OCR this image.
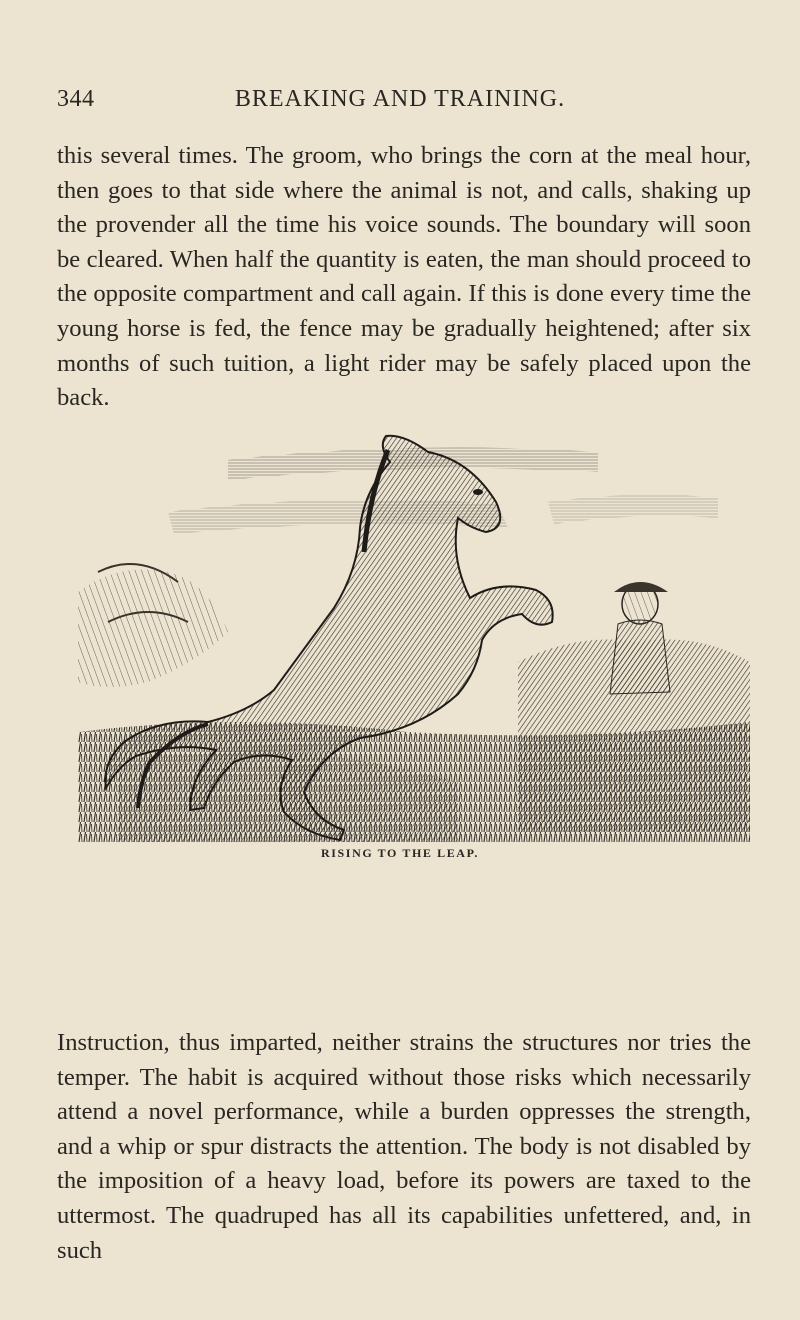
344	BREAKING AND TRAINING.

this several times. The groom, who brings the corn at the meal hour, then goes to that side where the animal is not, and calls, shaking up the provender all the time his voice sounds. The boundary will soon be cleared. When half the quantity is eaten, the man should proceed to the opposite compartment and call again. If this is done every time the young horse is fed, the fence may be gradually heightened; after six months of such tuition, a light rider may be safely placed upon the back.

RISING TO THE LEAP.

Instruction, thus imparted, neither strains the structures nor tries the temper. The habit is acquired without those risks which necessarily attend a novel performance, while a burden oppresses the strength, and a whip or spur distracts the attention. The body is not disabled by the imposition of a heavy load, before its powers are taxed to the uttermost. The quadruped has all its capabilities unfettered, and, in such
